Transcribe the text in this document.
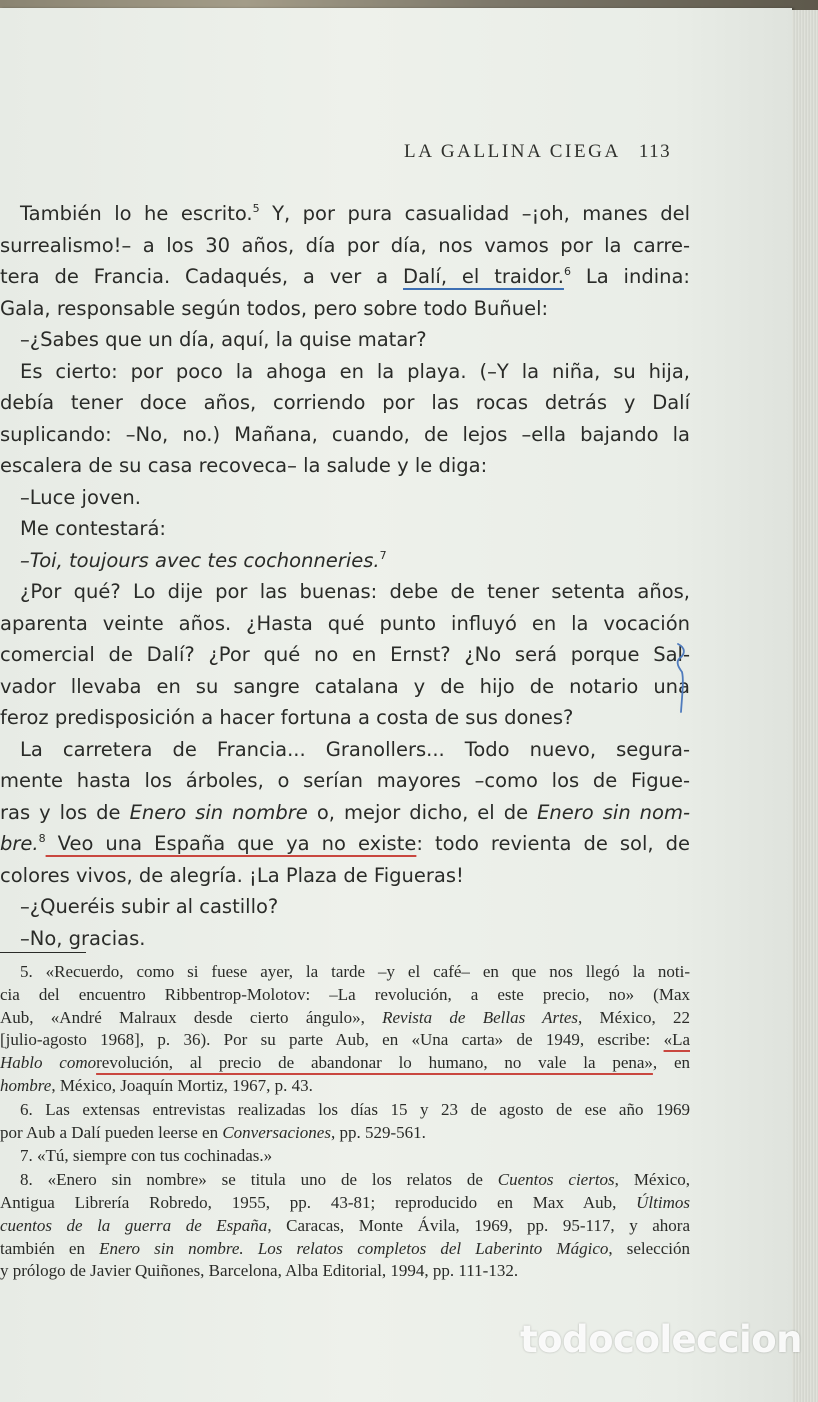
LA GALLINA CIEGA 113
También lo he escrito.$^5$ Y, por pura casualidad –¡oh, manes del
surrealismo!– a los 30 años, día por día, nos vamos por la carre-
tera de Francia. Cadaqués, a ver a Dalí, el traidor.$^6$ La indina:
Gala, responsable según todos, pero sobre todo Buñuel:
–¿Sabes que un día, aquí, la quise matar?
Es cierto: por poco la ahoga en la playa. (–Y la niña, su hija,
debía tener doce años, corriendo por las rocas detrás y Dalí
suplicando: –No, no.) Mañana, cuando, de lejos –ella bajando la
escalera de su casa recoveca– la salude y le diga:
–Luce joven.
Me contestará:
–Toi, toujours avec tes cochonneries.$^7$
¿Por qué? Lo dije por las buenas: debe de tener setenta años,
aparenta veinte años. ¿Hasta qué punto influyó en la vocación
comercial de Dalí? ¿Por qué no en Ernst? ¿No será porque Sal-
vador llevaba en su sangre catalana y de hijo de notario una
feroz predisposición a hacer fortuna a costa de sus dones?
La carretera de Francia... Granollers... Todo nuevo, segura-
mente hasta los árboles, o serían mayores –como los de Figue-
ras y los de Enero sin nombre o, mejor dicho, el de Enero sin nom-
bre.$^8$ Veo una España que ya no existe: todo revienta de sol, de
colores vivos, de alegría. ¡La Plaza de Figueras!
–¿Queréis subir al castillo?
–No, gracias.
5. «Recuerdo, como si fuese ayer, la tarde –y el café– en que nos llegó la noti-
cia del encuentro Ribbentrop-Molotov: –La revolución, a este precio, no» (Max
Aub, «André Malraux desde cierto ángulo», Revista de Bellas Artes, México, 22
[julio-agosto 1968], p. 36). Por su parte Aub, en «Una carta» de 1949, escribe: «La
Hablo comorevolución, al precio de abandonar lo humano, no vale la pena», en
hombre, México, Joaquín Mortiz, 1967, p. 43.
6. Las extensas entrevistas realizadas los días 15 y 23 de agosto de ese año 1969
por Aub a Dalí pueden leerse en Conversaciones, pp. 529-561.
7. «Tú, siempre con tus cochinadas.»
8. «Enero sin nombre» se titula uno de los relatos de Cuentos ciertos, México,
Antigua Librería Robredo, 1955, pp. 43-81; reproducido en Max Aub, Últimos
cuentos de la guerra de España, Caracas, Monte Ávila, 1969, pp. 95-117, y ahora
también en Enero sin nombre. Los relatos completos del Laberinto Mágico, selección
y prólogo de Javier Quiñones, Barcelona, Alba Editorial, 1994, pp. 111-132.
todocoleccion
